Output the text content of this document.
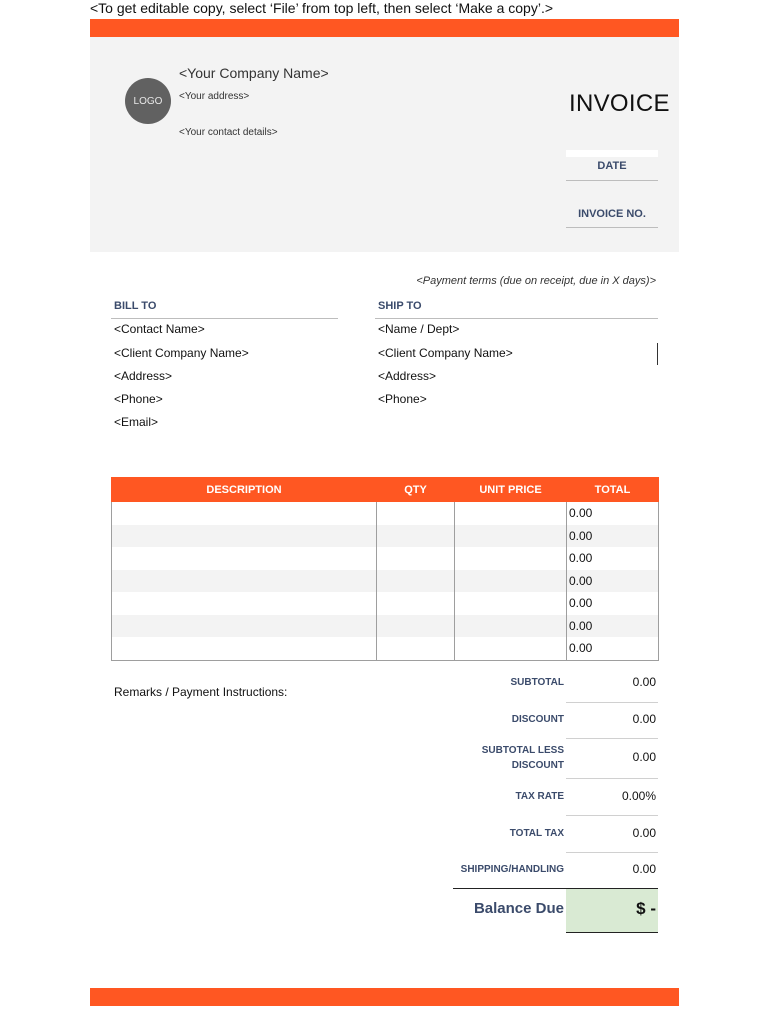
<To get editable copy, select ‘File’ from top left, then select ‘Make a copy’.>
LOGO
<Your Company Name>
<Your address>
<Your contact details>
INVOICE
DATE
INVOICE NO.
<Payment terms (due on receipt, due in X days)>
BILL TO
<Contact Name>
<Client Company Name>
<Address>
<Phone>
<Email>
SHIP TO
<Name / Dept>
<Client Company Name>
<Address>
<Phone>
DESCRIPTION	QTY	UNIT PRICE	TOTAL
			0.00
			0.00
			0.00
			0.00
			0.00
			0.00
			0.00
Remarks / Payment Instructions:
SUBTOTAL	0.00
DISCOUNT	0.00
SUBTOTAL LESS
DISCOUNT
0.00
TAX RATE	0.00%
TOTAL TAX	0.00
SHIPPING/HANDLING	0.00
Balance Due	$ -
